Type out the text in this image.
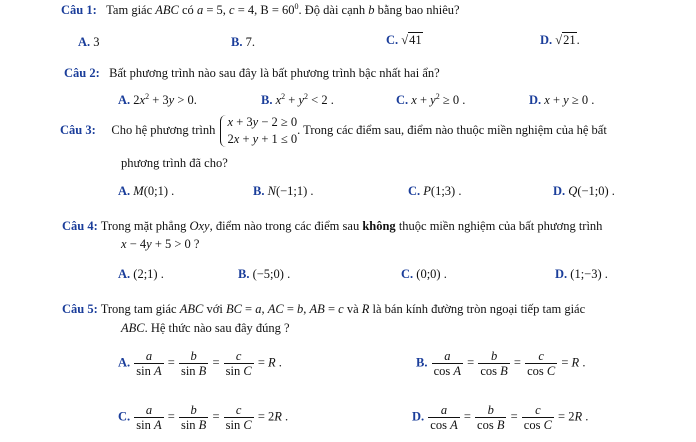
Câu 1: Tam giác ABC có a = 5, c = 4, $B = 60^0$. Độ dài cạnh b bằng bao nhiêu?
A. 3	B. 7.	C. √41	D. √21.
Câu 2: Bất phương trình nào sau đây là bất phương trình bậc nhất hai ẩn?
A. $2x^2 + 3y > 0$.	B. $x^2 + y^2 < 2$ .	C. $x + y^2 \ge 0$ .	D. x + y ≥ 0 .
Câu 3: Cho hệ phương trình
x + 3y − 2 ≥ 0
2x + y + 1 ≤ 0
. Trong các điểm sau, điểm nào thuộc miền nghiệm của hệ bất
phương trình đã cho?
A. M(0;1) .	B. N(−1;1) .	C. P(1;3) .	D. Q(−1;0) .
Câu 4: Trong mặt phẳng Oxy, điểm nào trong các điểm sau không thuộc miền nghiệm của bất phương trình
x − 4y + 5 > 0 ?
A. (2;1) .	B. (−5;0) .	C. (0;0) .	D. (1;−3) .
Câu 5: Trong tam giác ABC với BC = a, AC = b, AB = c và R là bán kính đường tròn ngoại tiếp tam giác
ABC. Hệ thức nào sau đây đúng ?
A. $\frac{a}{\text{sin A}} = \frac{b}{\text{sin B}} = \frac{c}{\text{sin C}} = R$ .	B. $\frac{a}{\text{cos A}} = \frac{b}{\text{cos B}} = \frac{c}{\text{cos C}} = R$ .
C. $\frac{a}{\text{sin A}} = \frac{b}{\text{sin B}} = \frac{c}{\text{sin C}} = 2R$ .	D. $\frac{a}{\text{cos A}} = \frac{b}{\text{cos B}} = \frac{c}{\text{cos C}} = 2R$ .
